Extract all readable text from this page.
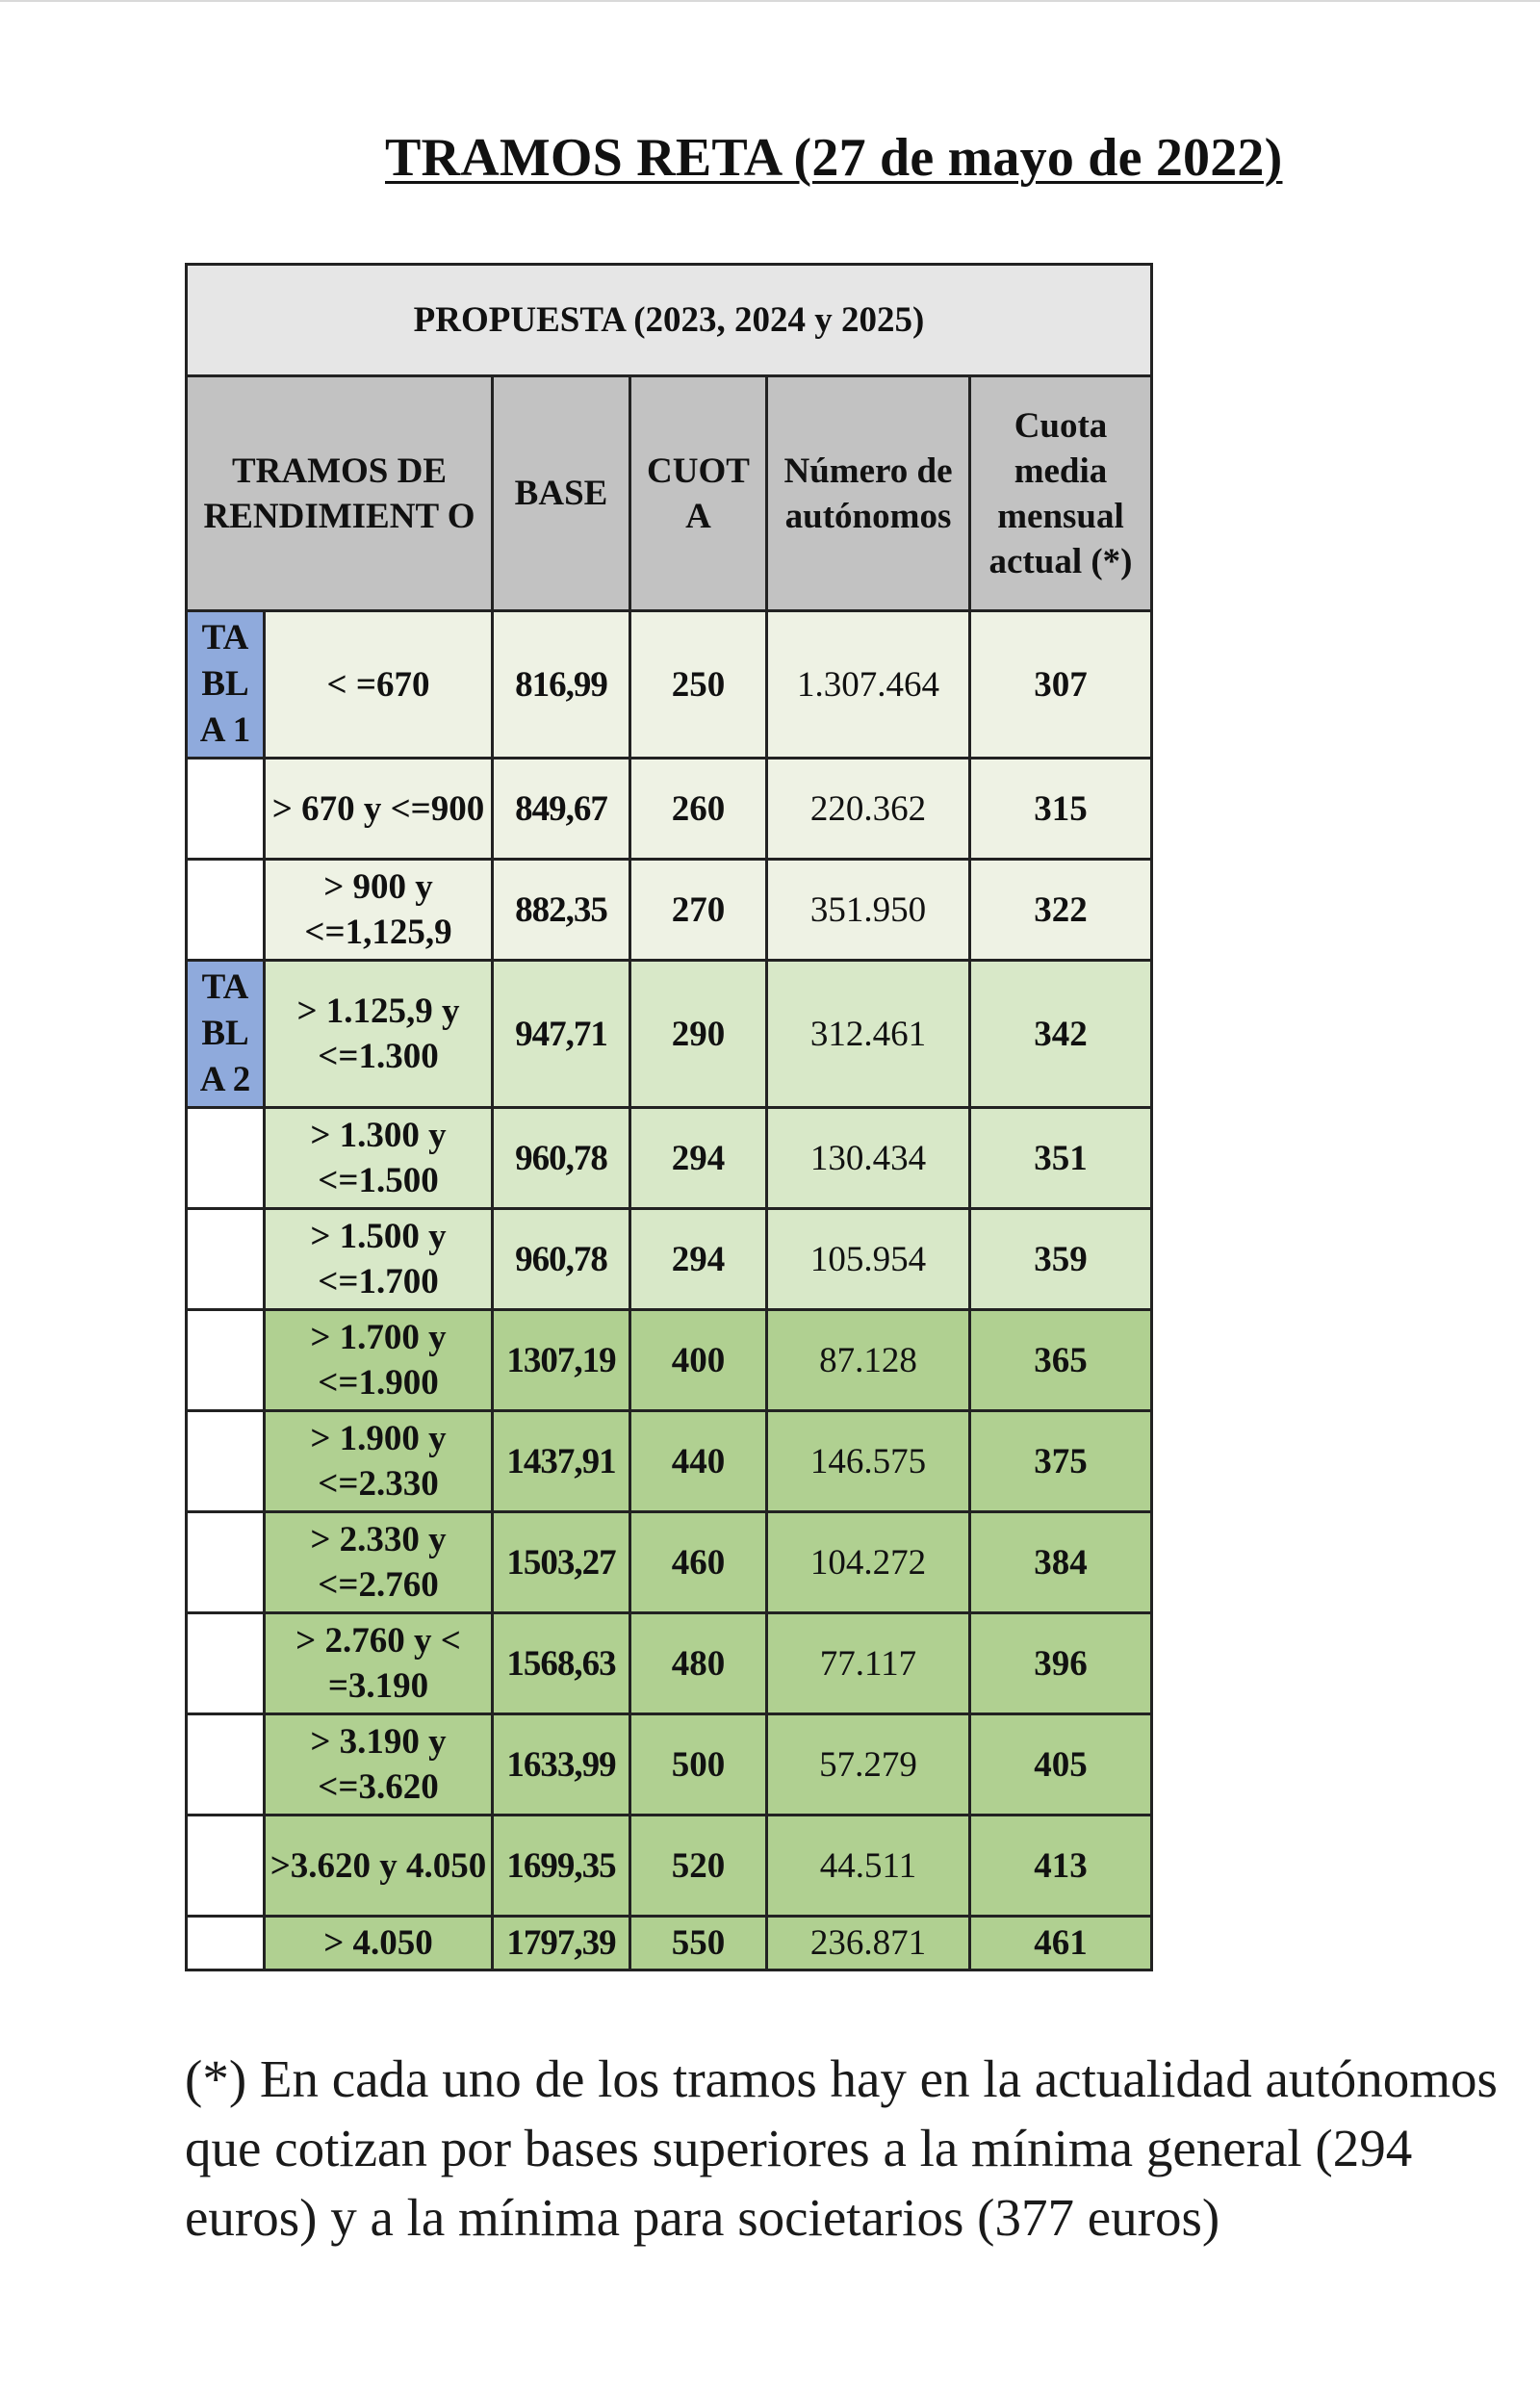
TRAMOS RETA (27 de mayo de 2022)
PROPUESTA (2023, 2024 y 2025)					
TRAMOS DE RENDIMIENT O		BASE	CUOT A	Número de autónomos	Cuota media mensual actual (*)
TA BL A 1	< =670	816,99	250	1.307.464	307
	> 670 y <=900	849,67	260	220.362	315
	> 900 y <=1,125,9	882,35	270	351.950	322
TA BL A 2	> 1.125,9 y <=1.300	947,71	290	312.461	342
	> 1.300 y <=1.500	960,78	294	130.434	351
	> 1.500 y <=1.700	960,78	294	105.954	359
	> 1.700 y <=1.900	1307,19	400	87.128	365
	> 1.900 y <=2.330	1437,91	440	146.575	375
	> 2.330 y <=2.760	1503,27	460	104.272	384
	> 2.760 y < =3.190	1568,63	480	77.117	396
	> 3.190 y <=3.620	1633,99	500	57.279	405
	>3.620 y 4.050	1699,35	520	44.511	413
	> 4.050	1797,39	550	236.871	461
(*) En cada uno de los tramos hay en la actualidad autónomos que cotizan por bases superiores a la mínima general (294 euros) y a la mínima para societarios (377 euros)
